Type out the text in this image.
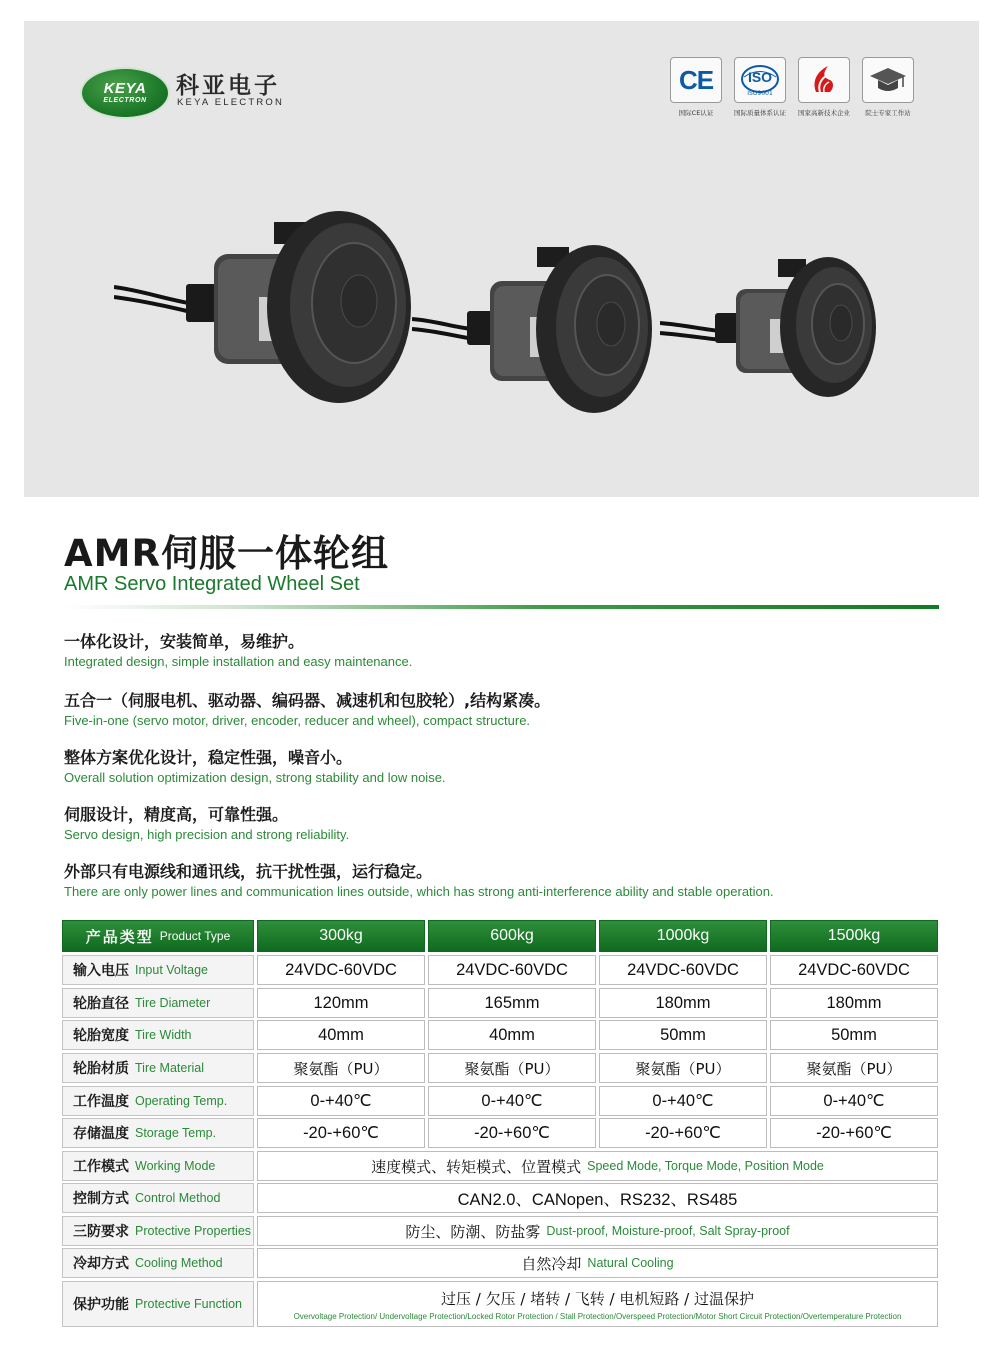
KEYA
ELECTRON
科亚电子
KEYA ELECTRON
CE
国际CE认证
ISO
ISO9001
国际质量体系认证	国家高新技术企业	院士专家工作站
AMR伺服一体轮组
AMR Servo Integrated Wheel Set
一体化设计，安装简单，易维护。
Integrated design, simple installation and easy maintenance.
五合一（伺服电机、驱动器、编码器、减速机和包胶轮）,结构紧凑。
Five-in-one (servo motor, driver, encoder, reducer and wheel), compact structure.
整体方案优化设计，稳定性强，噪音小。
Overall solution optimization design, strong stability and low noise.
伺服设计，精度高，可靠性强。
Servo design, high precision and strong reliability.
外部只有电源线和通讯线，抗干扰性强，运行稳定。
There are only power lines and communication lines outside, which has strong anti-interference ability and stable operation.
产品类型 Product Type	300kg	600kg	1000kg	1500kg
输入电压 Input Voltage	24VDC-60VDC	24VDC-60VDC	24VDC-60VDC	24VDC-60VDC
轮胎直径 Tire Diameter	120mm	165mm	180mm	180mm
轮胎宽度 Tire Width	40mm	40mm	50mm	50mm
轮胎材质 Tire Material	聚氨酯（PU）	聚氨酯（PU）	聚氨酯（PU）	聚氨酯（PU）
工作温度 Operating Temp.	0-+40℃	0-+40℃	0-+40℃	0-+40℃
存储温度 Storage Temp.	-20-+60℃	-20-+60℃	-20-+60℃	-20-+60℃
工作模式 Working Mode	速度模式、转矩模式、位置模式 Speed Mode, Torque Mode, Position Mode
控制方式 Control Method	CAN2.0、CANopen、RS232、RS485
三防要求 Protective Properties	防尘、防潮、防盐雾 Dust-proof, Moisture-proof, Salt Spray-proof
冷却方式 Cooling Method	自然冷却 Natural Cooling
保护功能 Protective Function	过压 / 欠压 / 堵转 / 飞转 / 电机短路 / 过温保护
Overvoltage Protection/ Undervoltage Protection/Locked Rotor Protection / Stall Protection/Overspeed Protection/Motor Short Circuit Protection/Overtemperature Protection
